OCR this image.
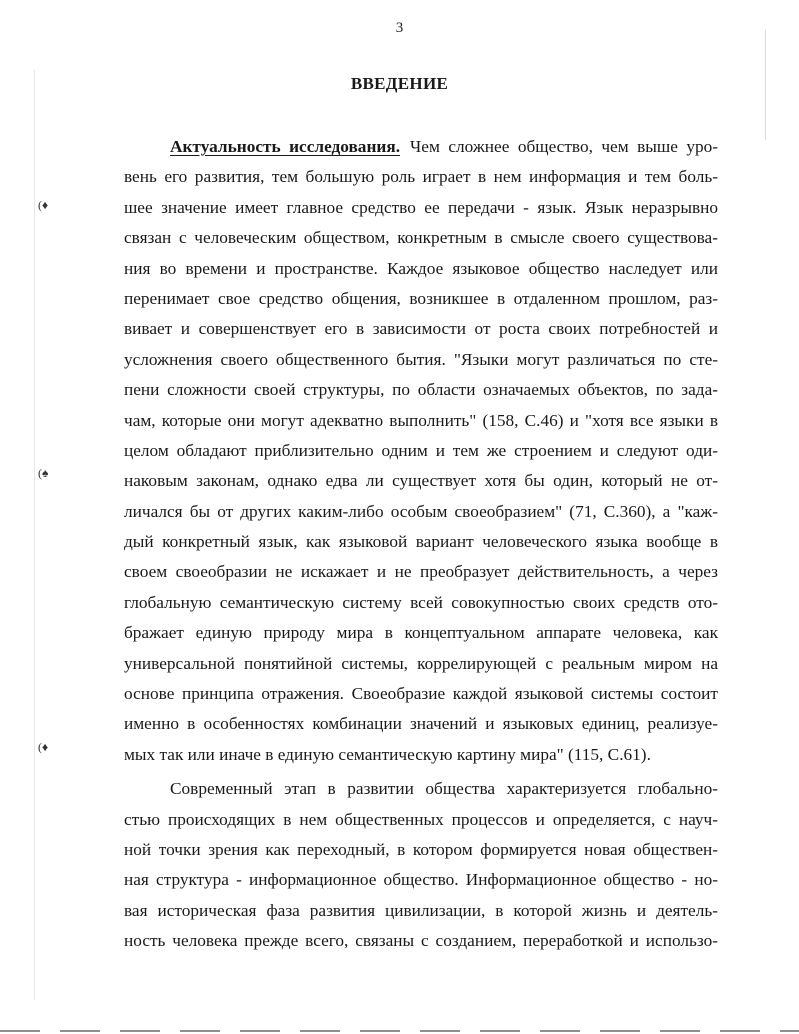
3
ВВЕДЕНИЕ
(♦
(♠
(♦
Актуальность исследования. Чем сложнее общество, чем выше уро-
вень его развития, тем большую роль играет в нем информация и тем боль-
шее значение имеет главное средство ее передачи - язык. Язык неразрывно
связан с человеческим обществом, конкретным в смысле своего существова-
ния во времени и пространстве. Каждое языковое общество наследует или
перенимает свое средство общения, возникшее в отдаленном прошлом, раз-
вивает и совершенствует его в зависимости от роста своих потребностей и
усложнения своего общественного бытия. "Языки могут различаться по сте-
пени сложности своей структуры, по области означаемых объектов, по зада-
чам, которые они могут адекватно выполнить" (158, С.46) и "хотя все языки в
целом обладают приблизительно одним и тем же строением и следуют оди-
наковым законам, однако едва ли существует хотя бы один, который не от-
личался бы от других каким-либо особым своеобразием" (71, С.360), а "каж-
дый конкретный язык, как языковой вариант человеческого языка вообще в
своем своеобразии не искажает и не преобразует действительность, а через
глобальную семантическую систему всей совокупностью своих средств ото-
бражает единую природу мира в концептуальном аппарате человека, как
универсальной понятийной системы, коррелирующей с реальным миром на
основе принципа отражения. Своеобразие каждой языковой системы состоит
именно в особенностях комбинации значений и языковых единиц, реализуе-
мых так или иначе в единую семантическую картину мира" (115, С.61).
Современный этап в развитии общества характеризуется глобально-
стью происходящих в нем общественных процессов и определяется, с науч-
ной точки зрения как переходный, в котором формируется новая обществен-
ная структура - информационное общество. Информационное общество - но-
вая историческая фаза развития цивилизации, в которой жизнь и деятель-
ность человека прежде всего, связаны с созданием, переработкой и использо-
